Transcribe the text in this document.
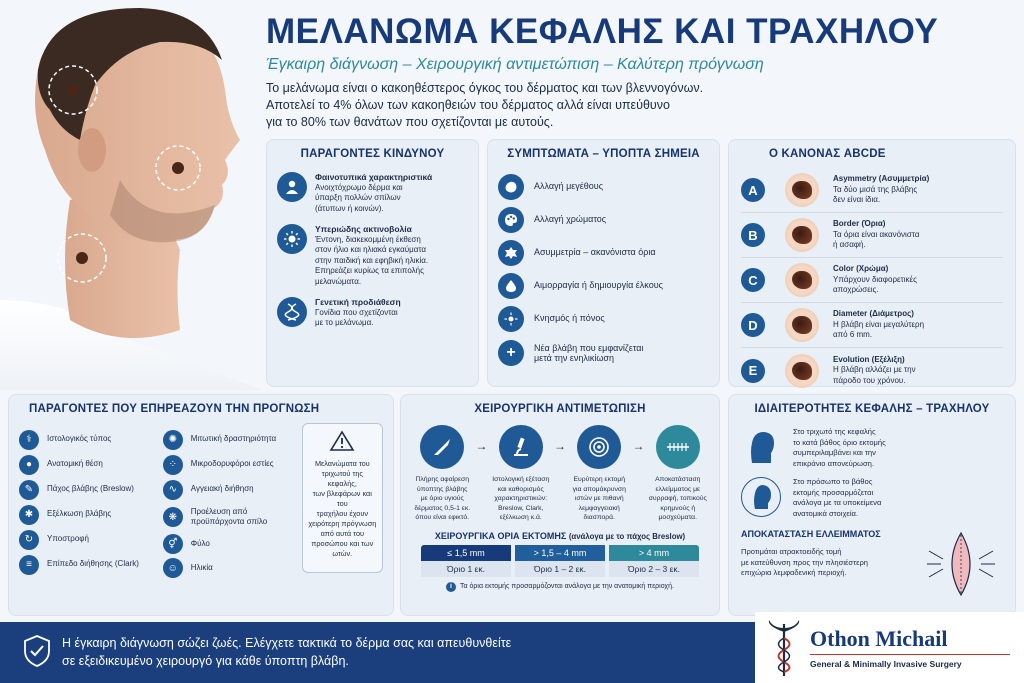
ΜΕΛΑΝΩΜΑ ΚΕΦΑΛΗΣ ΚΑΙ ΤΡΑΧΗΛΟΥ
Έγκαιρη διάγνωση – Χειρουργική αντιμετώπιση – Καλύτερη πρόγνωση
Το μελάνωμα είναι ο κακοηθέστερος όγκος του δέρματος και των βλεννογόνων.
Αποτελεί το 4% όλων των κακοηθειών του δέρματος αλλά είναι υπεύθυνο
για το 80% των θανάτων που σχετίζονται με αυτούς.
ΠΑΡΑΓΟΝΤΕΣ ΚΙΝΔΥΝΟΥ
Φαινοτυπικά χαρακτηριστικά
Ανοιχτόχρωμο δέρμα και
ύπαρξη πολλών σπίλων
(άτυπων ή κοινών).
Υπεριώδης ακτινοβολία
Έντονη, διακεκομμένη έκθεση
στον ήλιο και ηλιακά εγκαύματα
στην παιδική και εφηβική ηλικία.
Επηρεάζει κυρίως τα επιπολής
μελανώματα.
Γενετική προδιάθεση
Γονίδια που σχετίζονται
με το μελάνωμα.
ΣΥΜΠΤΩΜΑΤΑ – ΥΠΟΠΤΑ ΣΗΜΕΙΑ
Αλλαγή μεγέθους
Αλλαγή χρώματος
Ασυμμετρία – ακανόνιστα όρια
Αιμορραγία ή δημιουργία έλκους
Κνησμός ή πόνος
+	Νέα βλάβη που εμφανίζεται
μετά την ενηλικίωση
Ο ΚΑΝΟΝΑΣ ABCDE
A
Asymmetry (Ασυμμετρία)
Τα δύο μισά της βλάβης
δεν είναι ίδια.
B
Border (Όρια)
Τα όρια είναι ακανόνιστα
ή ασαφή.
C
Color (Χρώμα)
Υπάρχουν διαφορετικές
αποχρώσεις.
D
Diameter (Διάμετρος)
Η βλάβη είναι μεγαλύτερη
από 6 mm.
E
Evolution (Εξέλιξη)
Η βλάβη αλλάζει με την
πάροδο του χρόνου.
ΠΑΡΑΓΟΝΤΕΣ ΠΟΥ ΕΠΗΡΕΑΖΟΥΝ ΤΗΝ ΠΡΟΓΝΩΣΗ
⚕	Ιστολογικός τύπος
●	Ανατομική θέση
✎	Πάχος βλάβης (Breslow)
✱	Εξέλκωση βλάβης
↻	Υποστροφή
≡	Επίπεδο διήθησης (Clark)
✺	Μιτωτική δραστηριότητα
⁘	Μικροδορυφόροι εστίες
∿	Αγγειακή διήθηση
❋
Προέλευση από
προϋπάρχοντα σπίλο
⚥	Φύλο
☺	Ηλικία
Μελανώματα του
τριχωτού της κεφαλής,
των βλεφάρων και του
τραχήλου έχουν
χειρότερη πρόγνωση
από αυτά του
προσώπου και των
ωτών.
ΧΕΙΡΟΥΡΓΙΚΗ ΑΝΤΙΜΕΤΩΠΙΣΗ
Πλήρης αφαίρεση
ύποπτης βλάβης
με όριο υγιούς
δέρματος 0,5-1 εκ.
όπου είναι εφικτό.
→
Ιστολογική εξέταση
και καθορισμός
χαρακτηριστικών:
Breslow, Clark,
εξέλκωση κ.ά.
→
Ευρύτερη εκτομή
για απομάκρυνση
ιστών με πιθανή
λεμφαγγειακή
διασπορά.
→
Αποκατάσταση
ελλείμματος με
συρραφή, τοπικούς
κρημνούς ή
μοσχεύματα.
ΧΕΙΡΟΥΡΓΙΚΑ ΟΡΙΑ ΕΚΤΟΜΗΣ (ανάλογα με το πάχος Breslow)
≤ 1,5 mm
Όριο 1 εκ.
> 1,5 – 4 mm
Όριο 1 – 2 εκ.
> 4 mm
Όριο 2 – 3 εκ.
i	Τα όρια εκτομής προσαρμόζονται ανάλογα με την ανατομική περιοχή.
ΙΔΙΑΙΤΕΡΟΤΗΤΕΣ ΚΕΦΑΛΗΣ – ΤΡΑΧΗΛΟΥ
Στο τριχωτό της κεφαλής
το κατά βάθος όριο εκτομής
συμπεριλαμβάνει και την
επικράνιο απονεύρωση.
Στο πρόσωπο το βάθος
εκτομής προσαρμόζεται
ανάλογα με τα υποκείμενα
ανατομικά στοιχεία.
ΑΠΟΚΑΤΑΣΤΑΣΗ ΕΛΛΕΙΜΜΑΤΟΣ
Προτιμάται ατρακτοειδής τομή
με κατεύθυνση προς την πλησιέστερη
επιχώρια λεμφαδενική περιοχή.
Η έγκαιρη διάγνωση σώζει ζωές. Ελέγχετε τακτικά το δέρμα σας και απευθυνθείτε
σε εξειδικευμένο χειρουργό για κάθε ύποπτη βλάβη.
Othon Michail
General & Minimally Invasive Surgery
